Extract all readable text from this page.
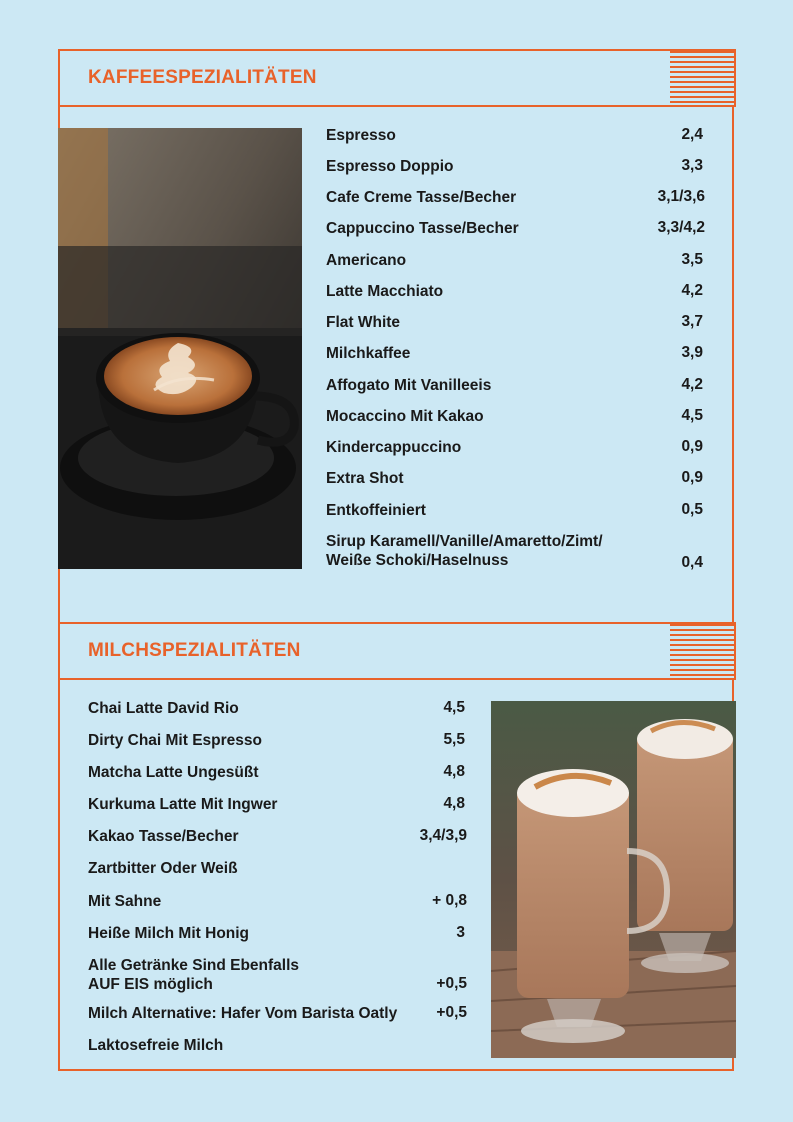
KAFFEESPEZIALITÄTEN
Espresso	2,4
Espresso Doppio	3,3
Cafe Creme Tasse/Becher	3,1/3,6
Cappuccino Tasse/Becher	3,3/4,2
Americano	3,5
Latte Macchiato	4,2
Flat White	3,7
Milchkaffee	3,9
Affogato Mit Vanilleeis	4,2
Mocaccino Mit Kakao	4,5
Kindercappuccino	0,9
Extra Shot	0,9
Entkoffeiniert	0,5
Sirup Karamell/Vanille/Amaretto/Zimt/
Weiße Schoki/Haselnuss	0,4
MILCHSPEZIALITÄTEN
Chai Latte David Rio	4,5
Dirty Chai Mit Espresso	5,5
Matcha Latte Ungesüßt	4,8
Kurkuma Latte Mit Ingwer	4,8
Kakao Tasse/Becher	3,4/3,9
Zartbitter Oder Weiß
Mit Sahne	+ 0,8
Heiße Milch Mit Honig	3
Alle Getränke Sind Ebenfalls
AUF EIS möglich	+0,5
Milch Alternative: Hafer Vom Barista Oatly	+0,5
Laktosefreie Milch
